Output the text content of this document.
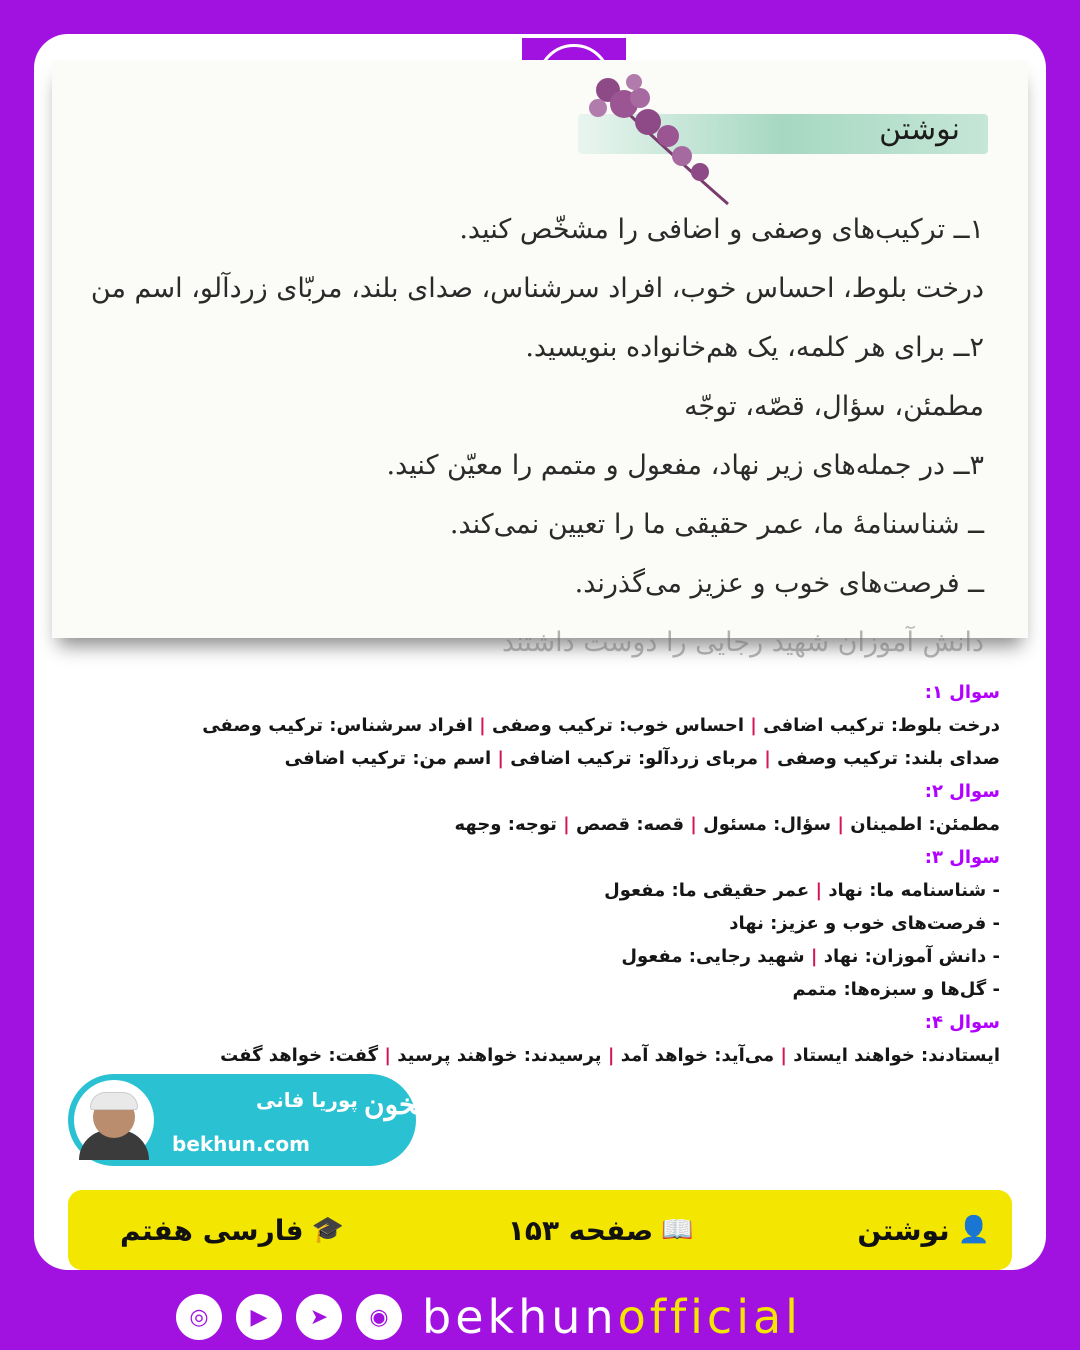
نوشتن

۱ــ ترکیب‌های وصفی و اضافی را مشخّص کنید.

درخت بلوط، احساس خوب، افراد سرشناس، صدای بلند، مربّای زردآلو، اسم من

۲ــ برای هر کلمه، یک هم‌خانواده بنویسید.

مطمئن، سؤال، قصّه، توجّه

۳ــ در جمله‌های زیر نهاد، مفعول و متمم را معیّن کنید.

ــ شناسنامهٔ ما، عمر حقیقی ما را تعیین نمی‌کند.

ــ فرصت‌های خوب و عزیز می‌گذرند.

دانش آموزان شهید رجایی را دوست داشتند

سوال ۱:
درخت بلوط: ترکیب اضافی | احساس خوب: ترکیب وصفی | افراد سرشناس: ترکیب وصفی
صدای بلند: ترکیب وصفی | مربای زردآلو: ترکیب اضافی | اسم من: ترکیب اضافی
سوال ۲:
مطمئن: اطمینان | سؤال: مسئول | قصه: قصص | توجه: وجهه
سوال ۳:
- شناسنامه ما: نهاد | عمر حقیقی ما: مفعول
- فرصت‌های خوب و عزیز: نهاد
- دانش آموزان: نهاد | شهید رجایی: مفعول
- گل‌ها و سبزه‌ها: متمم
سوال ۴:
ایستادند: خواهند ایستاد | می‌آید: خواهد آمد | پرسیدند: خواهند پرسید | گفت: خواهد گفت
پوریا فانی
bekhun.com
بخون
👤
نوشتن
📖
صفحه ۱۵۳
🎓
فارسی هفتم
◎	▶	➤	◉ bekhunofficial
